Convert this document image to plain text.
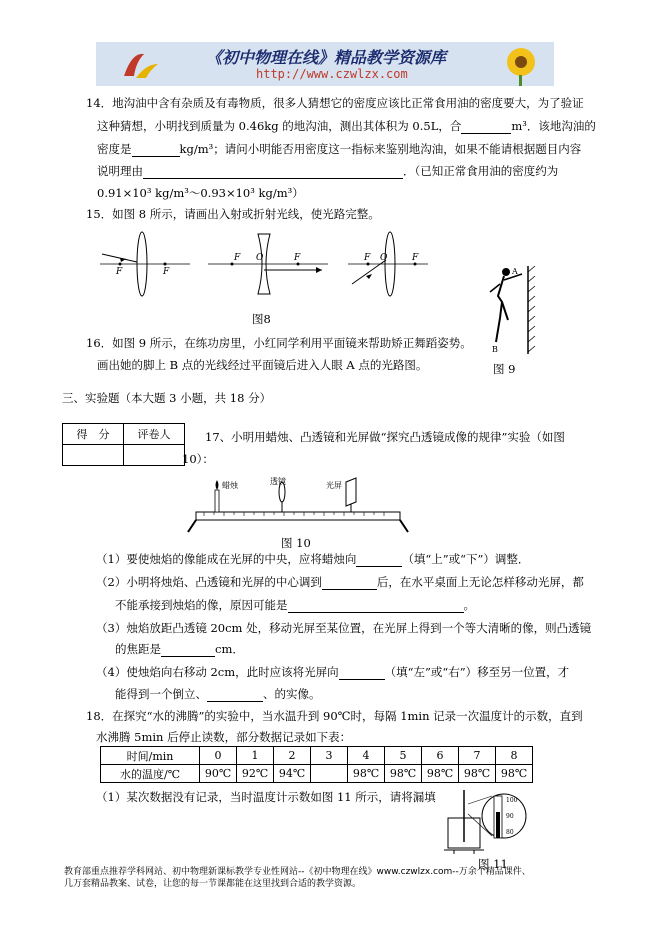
《初中物理在线》精品教学资源库
http://www.czwlzx.com
14．地沟油中含有杂质及有毒物质，很多人猜想它的密度应该比正常食用油的密度要大，为了验证
这种猜想，小明找到质量为 0.46kg 的地沟油，测出其体积为 0.5L，合	m³．该地沟油的
密度是	kg/m³；请问小明能否用密度这一指标来鉴别地沟油，如果不能请根据题目内容
说明理由	．（已知正常食用油的密度约为
0.91×10³ kg/m³～0.93×10³ kg/m³）
15．如图 8 所示，请画出入射或折射光线，使光路完整。
F	F
F O	F	F O	F
图8
16．如图 9 所示，在练功房里，小红同学利用平面镜来帮助矫正舞蹈姿势。
画出她的脚上 B 点的光线经过平面镜后进入人眼 A 点的光路图。
A
B
图 9
三、实验题（本大题 3 小题，共 18 分）
得　分	评卷人
		17、小明用蜡烛、凸透镜和光屏做“探究凸透镜成像的规律”实验（如图
10）：
蜡烛	透镜	光屏
图 10
（1）要使烛焰的像能成在光屏的中央，应将蜡烛向	（填“上”或“下”）调整．
（2）小明将烛焰、凸透镜和光屏的中心调到	后，在水平桌面上无论怎样移动光屏，都
不能承接到烛焰的像，原因可能是	。
（3）烛焰放距凸透镜 20cm 处，移动光屏至某位置，在光屏上得到一个等大清晰的像，则凸透镜
的焦距是	cm．
（4）使烛焰向右移动 2cm，此时应该将光屏向	（填“左”或“右”）移至另一位置，才
能得到一个倒立、	、的实像。
18．在探究“水的沸腾”的实验中，当水温升到 90℃时，每隔 1min 记录一次温度计的示数，直到
水沸腾 5min 后停止读数，部分数据记录如下表：
时间/min	0	1	2	3	4	5	6	7	8
水的温度/℃	90℃	92℃	94℃		98℃	98℃	98℃	98℃	98℃
（1）某次数据没有记录，当时温度计示数如图 11 所示，请将漏填	100
90
80
图 11
教育部重点推荐学科网站、初中物理新课标教学专业性网站--《初中物理在线》www.czwlzx.com--万余个精品课件、
几万套精品教案、试卷，让您的每一节课都能在这里找到合适的教学资源。
